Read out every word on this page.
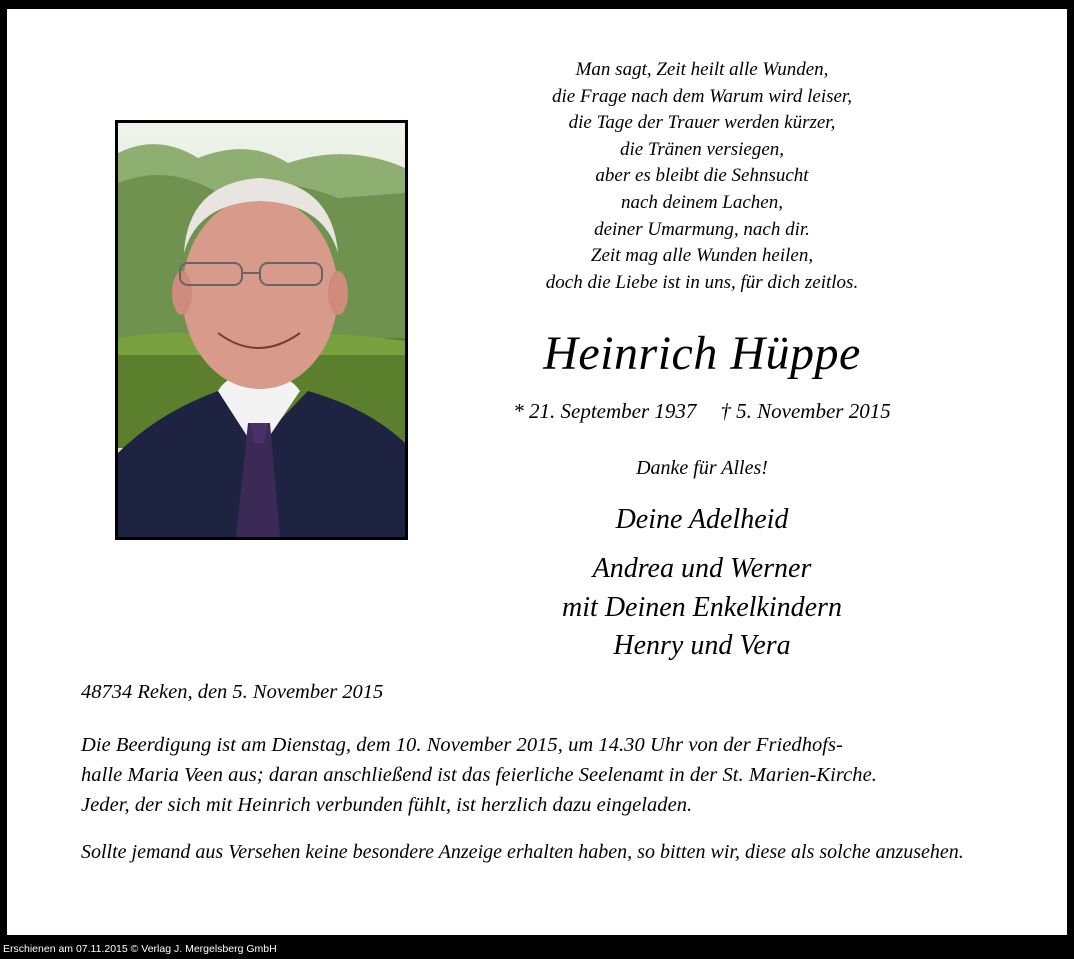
Man sagt, Zeit heilt alle Wunden,
die Frage nach dem Warum wird leiser,
die Tage der Trauer werden kürzer,
die Tränen versiegen,
aber es bleibt die Sehnsucht
nach deinem Lachen,
deiner Umarmung, nach dir.
Zeit mag alle Wunden heilen,
doch die Liebe ist in uns, für dich zeitlos.
Heinrich Hüppe
* 21. September 1937 † 5. November 2015
Danke für Alles!
Deine Adelheid
Andrea und Werner
mit Deinen Enkelkindern
Henry und Vera
48734 Reken, den 5. November 2015
Die Beerdigung ist am Dienstag, dem 10. November 2015, um 14.30 Uhr von der Friedhofs-
halle Maria Veen aus; daran anschließend ist das feierliche Seelenamt in der St. Marien-Kirche.
Jeder, der sich mit Heinrich verbunden fühlt, ist herzlich dazu eingeladen.
Sollte jemand aus Versehen keine besondere Anzeige erhalten haben, so bitten wir, diese als solche anzusehen.
Erschienen am 07.11.2015 © Verlag J. Mergelsberg GmbH
